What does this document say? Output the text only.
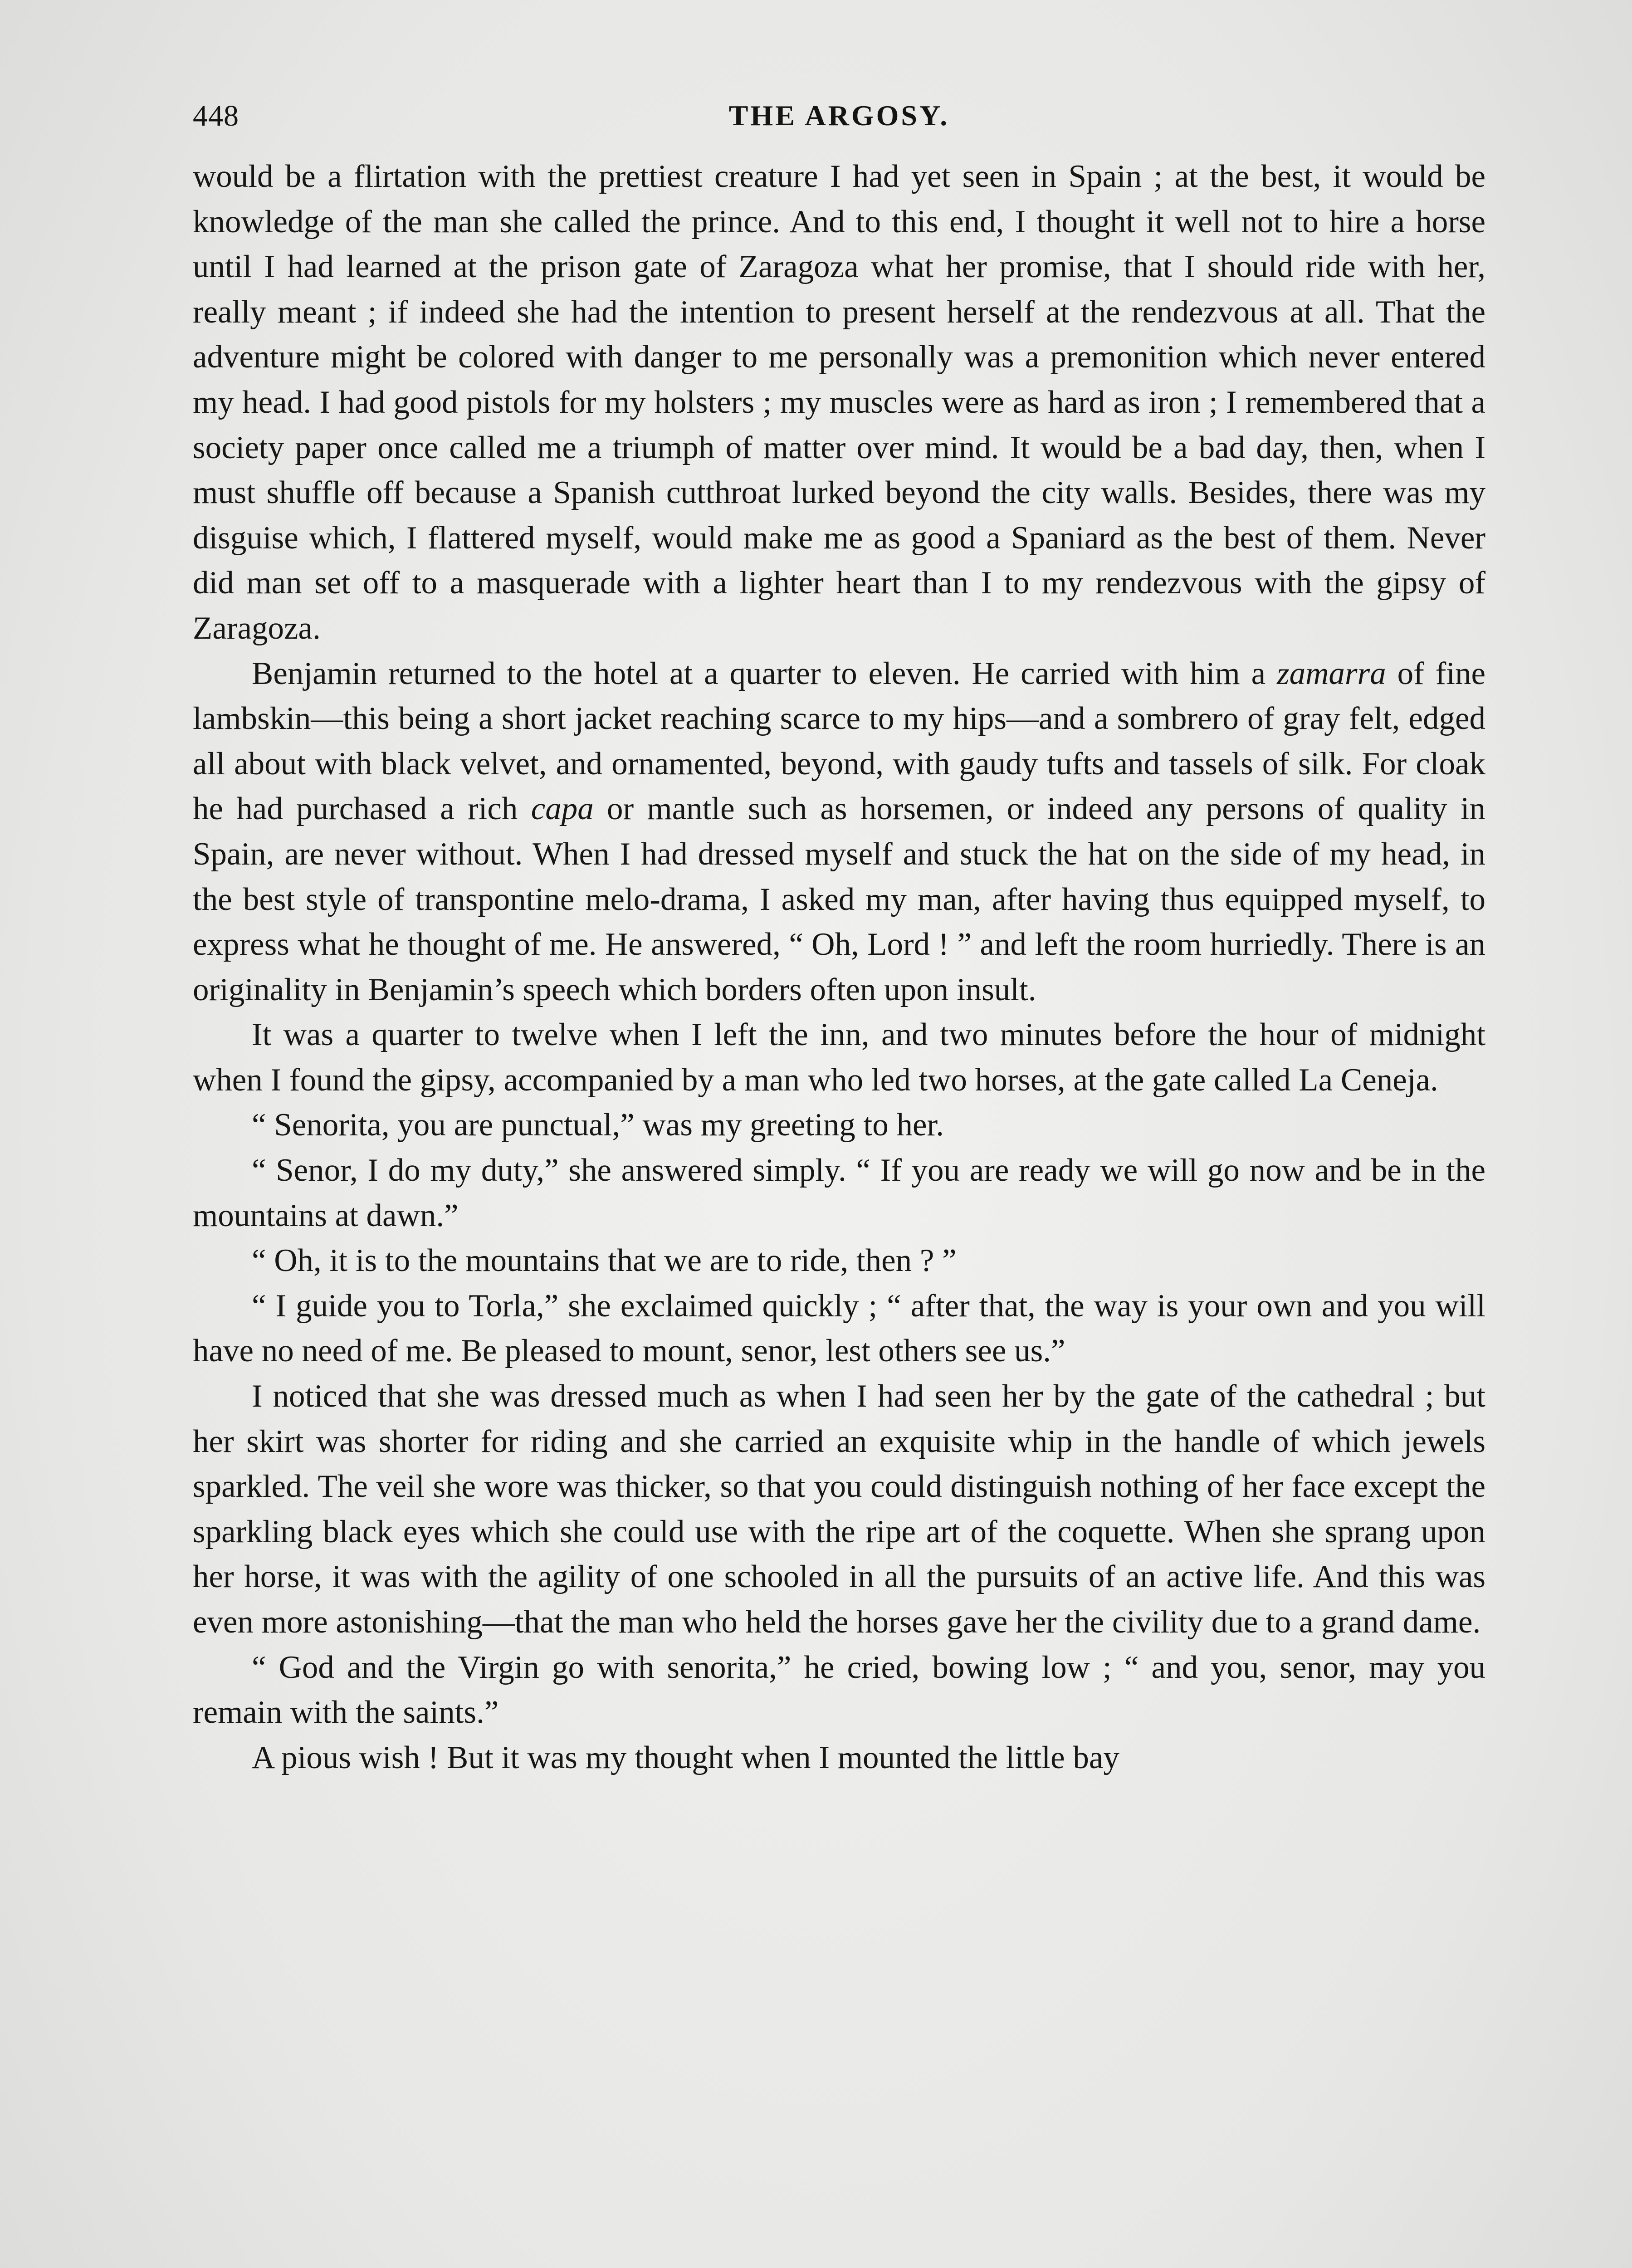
448	THE ARGOSY.

would be a flirtation with the prettiest creature I had yet seen in Spain ; at the best, it would be knowledge of the man she called the prince. And to this end, I thought it well not to hire a horse until I had learned at the prison gate of Zaragoza what her promise, that I should ride with her, really meant ; if indeed she had the intention to present herself at the rendezvous at all. That the adventure might be colored with danger to me personally was a premonition which never entered my head. I had good pistols for my holsters ; my muscles were as hard as iron ; I remembered that a society paper once called me a triumph of matter over mind. It would be a bad day, then, when I must shuffle off because a Spanish cutthroat lurked beyond the city walls. Besides, there was my disguise which, I flattered myself, would make me as good a Spaniard as the best of them. Never did man set off to a masquerade with a lighter heart than I to my rendezvous with the gipsy of Zaragoza.

Benjamin returned to the hotel at a quarter to eleven. He carried with him a zamarra of fine lambskin—this being a short jacket reaching scarce to my hips—and a sombrero of gray felt, edged all about with black velvet, and ornamented, beyond, with gaudy tufts and tassels of silk. For cloak he had purchased a rich capa or mantle such as horsemen, or indeed any persons of quality in Spain, are never without. When I had dressed myself and stuck the hat on the side of my head, in the best style of transpontine melo-drama, I asked my man, after having thus equipped myself, to express what he thought of me. He answered, “ Oh, Lord ! ” and left the room hurriedly. There is an originality in Benjamin’s speech which borders often upon insult.

It was a quarter to twelve when I left the inn, and two minutes before the hour of midnight when I found the gipsy, accompanied by a man who led two horses, at the gate called La Ceneja.

“ Senorita, you are punctual,” was my greeting to her.

“ Senor, I do my duty,” she answered simply. “ If you are ready we will go now and be in the mountains at dawn.”

“ Oh, it is to the mountains that we are to ride, then ? ”

“ I guide you to Torla,” she exclaimed quickly ; “ after that, the way is your own and you will have no need of me. Be pleased to mount, senor, lest others see us.”

I noticed that she was dressed much as when I had seen her by the gate of the cathedral ; but her skirt was shorter for riding and she carried an exquisite whip in the handle of which jewels sparkled. The veil she wore was thicker, so that you could distinguish nothing of her face except the sparkling black eyes which she could use with the ripe art of the coquette. When she sprang upon her horse, it was with the agility of one schooled in all the pursuits of an active life. And this was even more astonishing—that the man who held the horses gave her the civility due to a grand dame.

“ God and the Virgin go with senorita,” he cried, bowing low ; “ and you, senor, may you remain with the saints.”

A pious wish ! But it was my thought when I mounted the little bay
